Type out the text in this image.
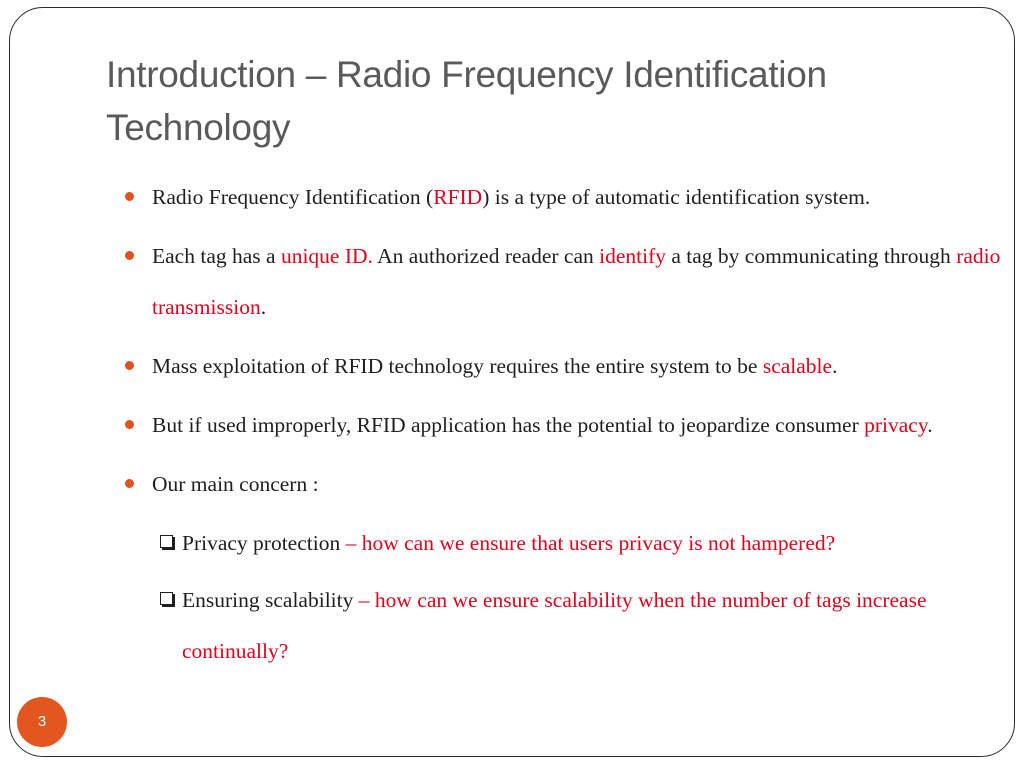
Introduction – Radio Frequency Identification Technology
Radio Frequency Identification (RFID) is a type of automatic identification system.
Each tag has a unique ID. An authorized reader can identify a tag by communicating through radio transmission.
Mass exploitation of RFID technology requires the entire system to be scalable.
But if used improperly, RFID application has the potential to jeopardize consumer privacy.
Our main concern :
Privacy protection – how can we ensure that users privacy is not hampered?
Ensuring scalability – how can we ensure scalability when the number of tags increase continually?
3
